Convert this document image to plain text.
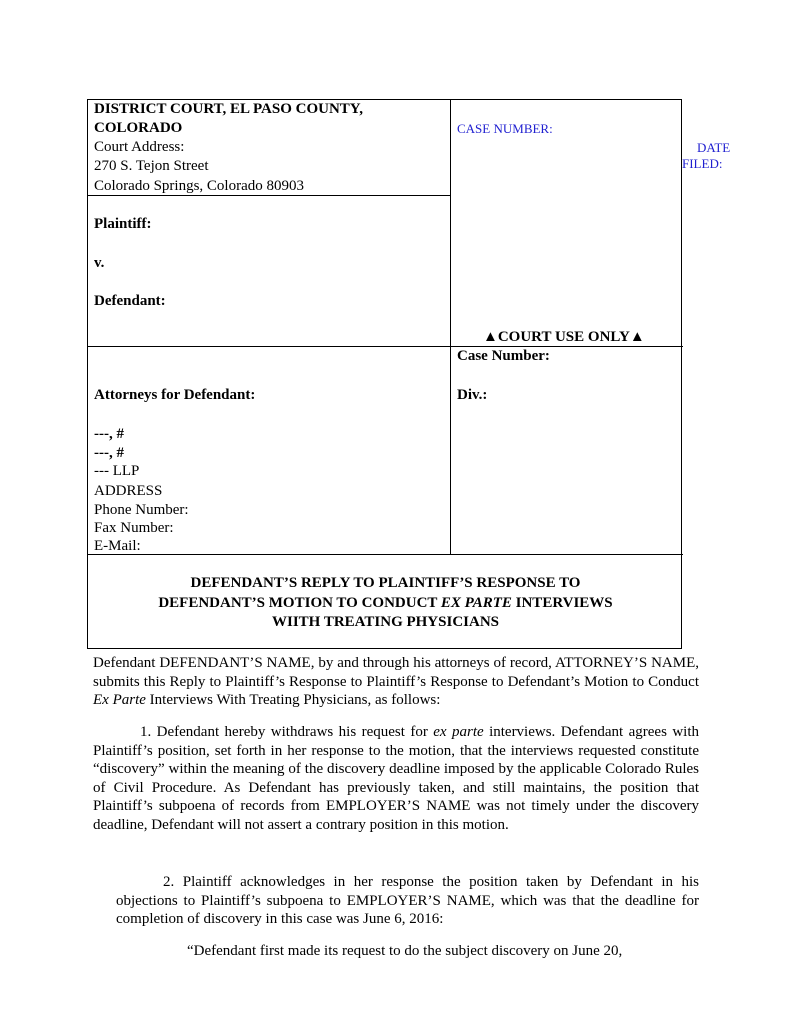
DISTRICT COURT, EL PASO COUNTY,
COLORADO
Court Address:
270 S. Tejon Street
Colorado Springs, Colorado 80903
Plaintiff:
v.
Defendant:
CASE NUMBER:
▲COURT USE ONLY▲
Case Number:
Div.:
Attorneys for Defendant:
---, #
---, #
--- LLP
ADDRESS
Phone Number:
Fax Number:
E-Mail:
DEFENDANT’S REPLY TO PLAINTIFF’S RESPONSE TO
DEFENDANT’S MOTION TO CONDUCT EX PARTE INTERVIEWS
WIITH TREATING PHYSICIANS
DATE
FILED:
Defendant DEFENDANT’S NAME, by and through his attorneys of record, ATTORNEY’S NAME, submits this Reply to Plaintiff’s Response to Plaintiff’s Response to Defendant’s Motion to Conduct Ex Parte Interviews With Treating Physicians, as follows:
1. Defendant hereby withdraws his request for ex parte interviews. Defendant agrees with Plaintiff’s position, set forth in her response to the motion, that the interviews requested constitute “discovery” within the meaning of the discovery deadline imposed by the applicable Colorado Rules of Civil Procedure. As Defendant has previously taken, and still maintains, the position that Plaintiff’s subpoena of records from EMPLOYER’S NAME was not timely under the discovery deadline, Defendant will not assert a contrary position in this motion.
2. Plaintiff acknowledges in her response the position taken by Defendant in his objections to Plaintiff’s subpoena to EMPLOYER’S NAME, which was that the deadline for completion of discovery in this case was June 6, 2016:
“Defendant first made its request to do the subject discovery on June 20,
